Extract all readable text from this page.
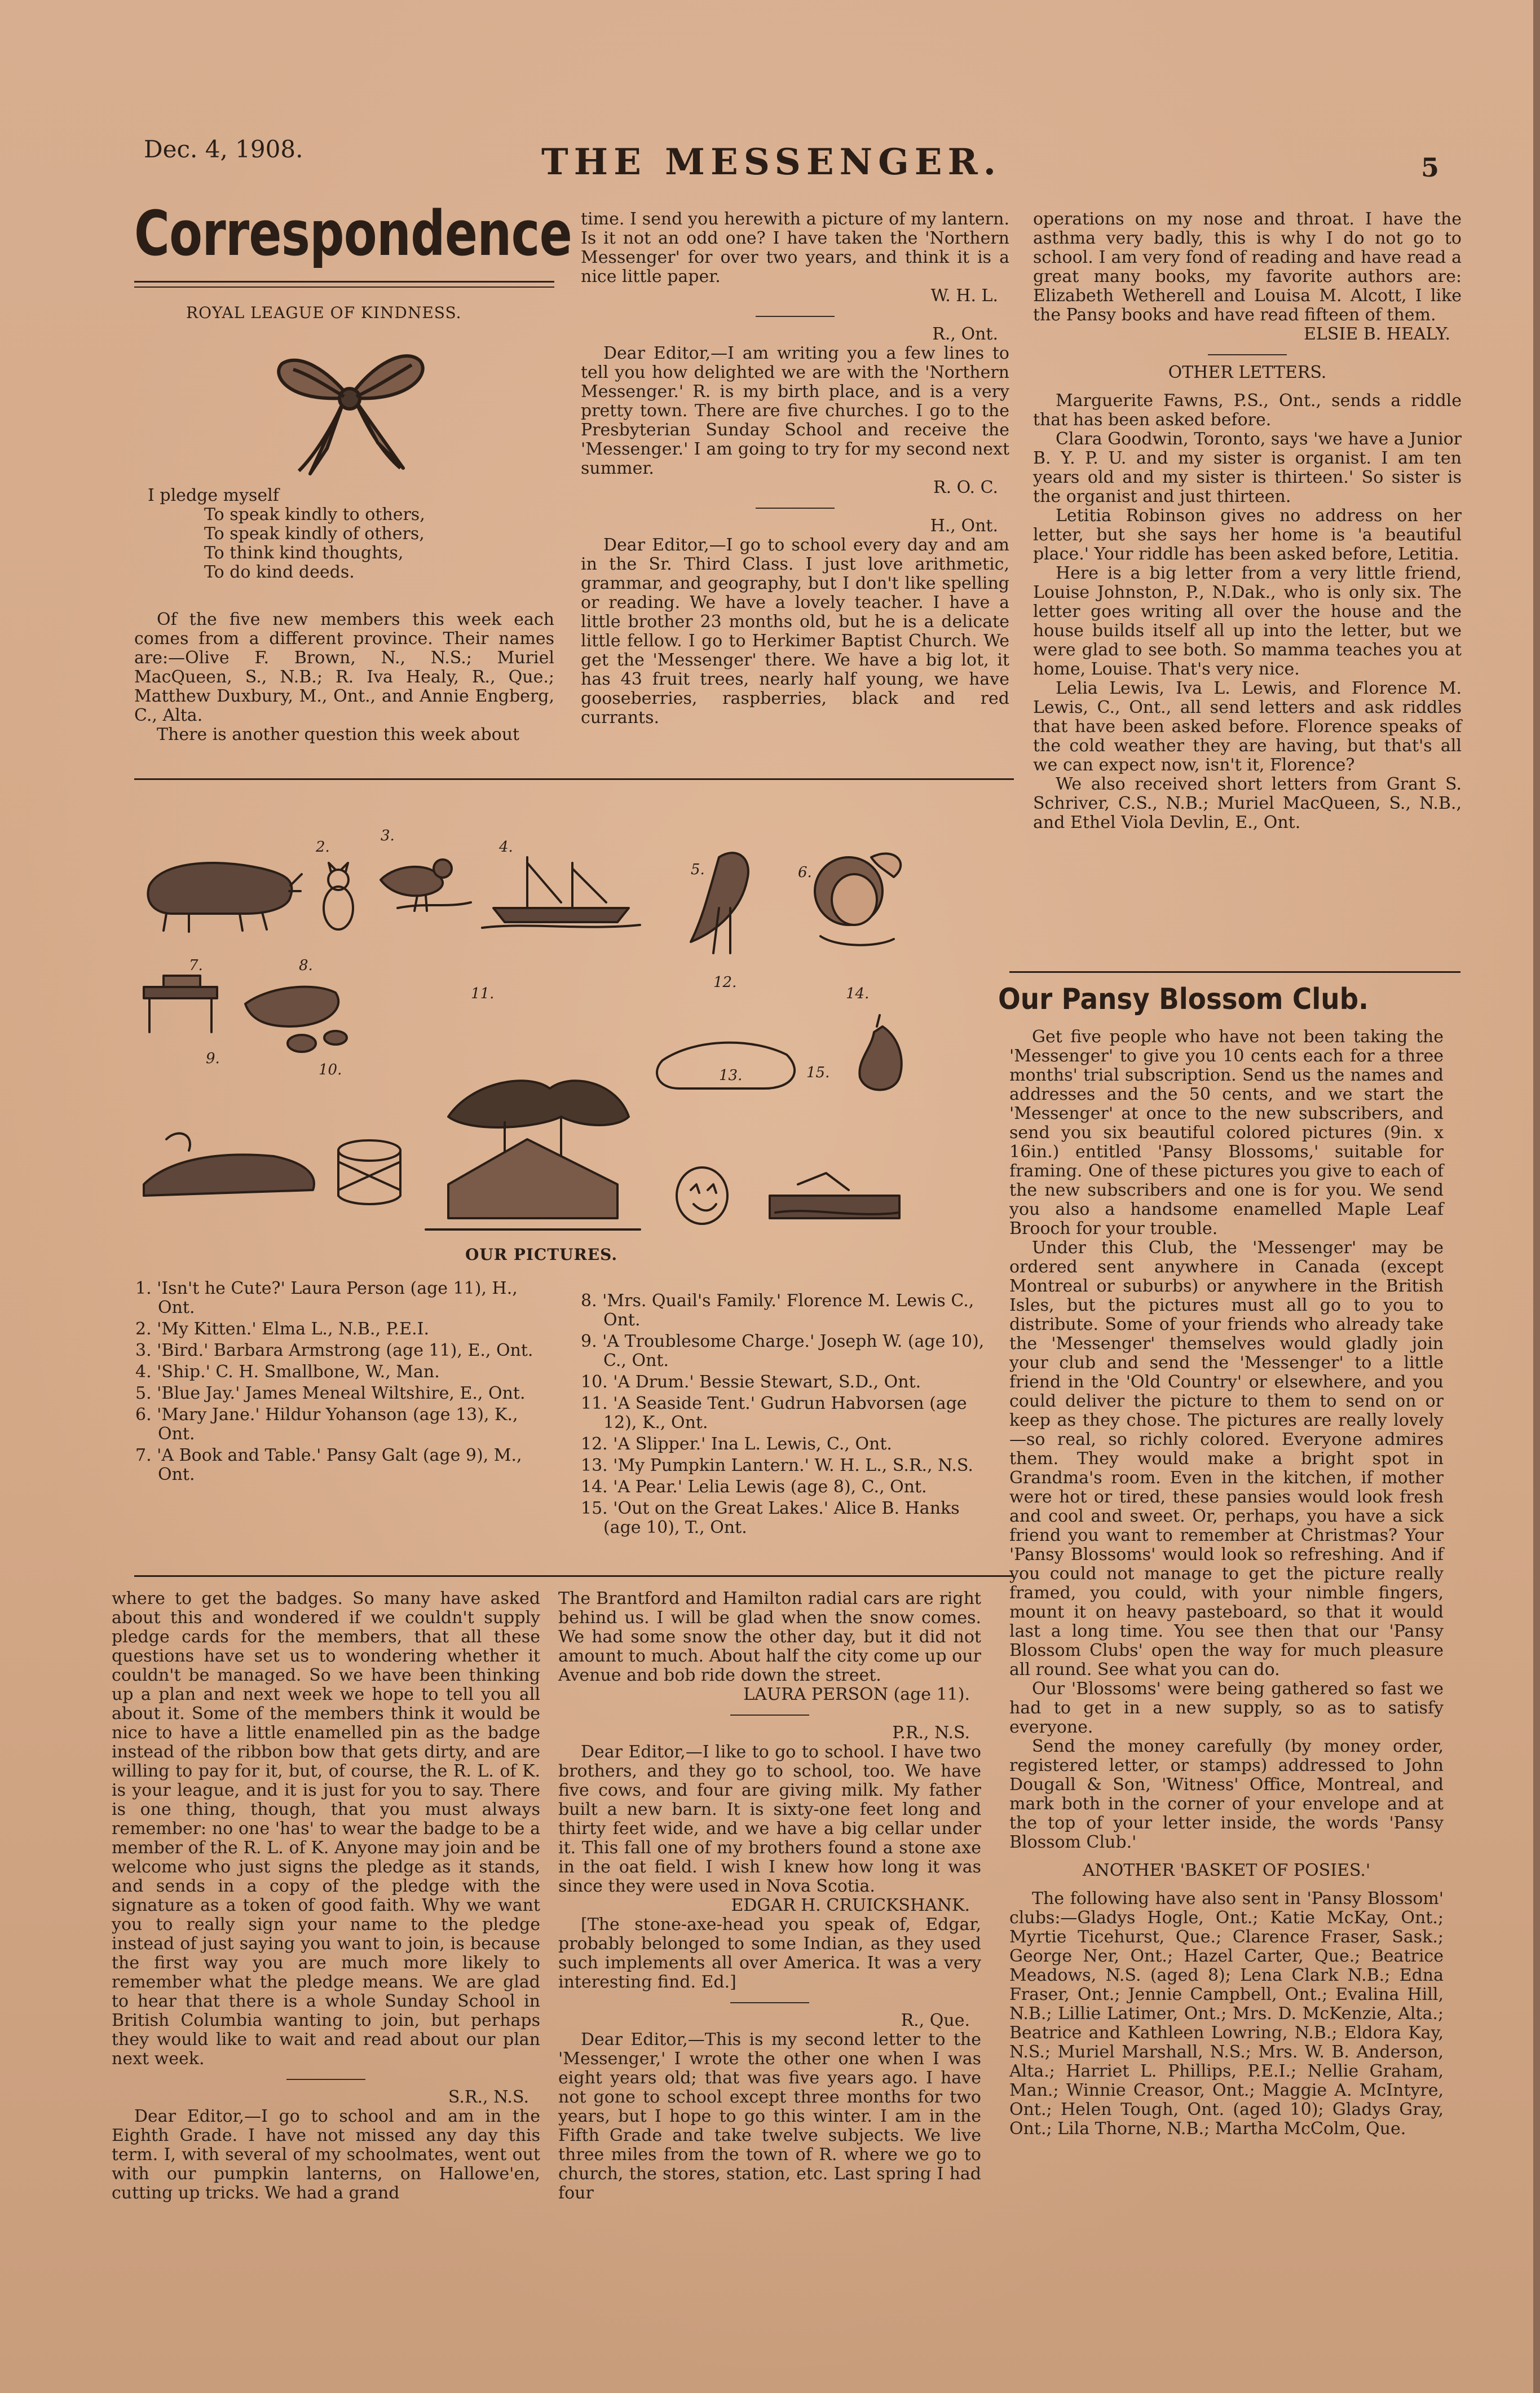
Dec. 4, 1908.	THE MESSENGER.	5
Correspondence
ROYAL LEAGUE OF KINDNESS.
I pledge myself
To speak kindly to others,
To speak kindly of others,
To think kind thoughts,
To do kind deeds.

Of the five new members this week each comes from a different province. Their names are:—Olive F. Brown, N., N.S.; Muriel MacQueen, S., N.B.; R. Iva Healy, R., Que.; Matthew Duxbury, M., Ont., and Annie Engberg, C., Alta.

There is another question this week about

time. I send you herewith a picture of my lantern. Is it not an odd one? I have taken the 'Northern Messenger' for over two years, and think it is a nice little paper.

W. H. L.

R., Ont.

Dear Editor,—I am writing you a few lines to tell you how delighted we are with the 'Northern Messenger.' R. is my birth place, and is a very pretty town. There are five churches. I go to the Presbyterian Sunday School and receive the 'Messenger.' I am going to try for my second next summer.

R. O. C.

H., Ont.

Dear Editor,—I go to school every day and am in the Sr. Third Class. I just love arithmetic, grammar, and geography, but I don't like spelling or reading. We have a lovely teacher. I have a little brother 23 months old, but he is a delicate little fellow. I go to Herkimer Baptist Church. We get the 'Messenger' there. We have a big lot, it has 43 fruit trees, nearly half young, we have gooseberries, raspberries, black and red currants.

operations on my nose and throat. I have the asthma very badly, this is why I do not go to school. I am very fond of reading and have read a great many books, my favorite authors are: Elizabeth Wetherell and Louisa M. Alcott, I like the Pansy books and have read fifteen of them.

ELSIE B. HEALY.

OTHER LETTERS.

Marguerite Fawns, P.S., Ont., sends a riddle that has been asked before.

Clara Goodwin, Toronto, says 'we have a Junior B. Y. P. U. and my sister is organist. I am ten years old and my sister is thirteen.' So sister is the organist and just thirteen.

Letitia Robinson gives no address on her letter, but she says her home is 'a beautiful place.' Your riddle has been asked before, Letitia.

Here is a big letter from a very little friend, Louise Johnston, P., N.Dak., who is only six. The letter goes writing all over the house and the house builds itself all up into the letter, but we were glad to see both. So mamma teaches you at home, Louise. That's very nice.

Lelia Lewis, Iva L. Lewis, and Florence M. Lewis, C., Ont., all send letters and ask riddles that have been asked before. Florence speaks of the cold weather they are having, but that's all we can expect now, isn't it, Florence?

We also received short letters from Grant S. Schriver, C.S., N.B.; Muriel MacQueen, S., N.B., and Ethel Viola Devlin, E., Ont.

2.
3.
4.
5.	6.
7.	8.
9.
10.
11.
12.
13.
14.
15.
OUR PICTURES.
1. 'Isn't he Cute?' Laura Person (age 11), H., Ont.
2. 'My Kitten.' Elma L., N.B., P.E.I.
3. 'Bird.' Barbara Armstrong (age 11), E., Ont.
4. 'Ship.' C. H. Smallbone, W., Man.
5. 'Blue Jay.' James Meneal Wiltshire, E., Ont.
6. 'Mary Jane.' Hildur Yohanson (age 13), K., Ont.
7. 'A Book and Table.' Pansy Galt (age 9), M., Ont.
8. 'Mrs. Quail's Family.' Florence M. Lewis C., Ont.
9. 'A Troublesome Charge.' Joseph W. (age 10), C., Ont.
10. 'A Drum.' Bessie Stewart, S.D., Ont.
11. 'A Seaside Tent.' Gudrun Habvorsen (age 12), K., Ont.
12. 'A Slipper.' Ina L. Lewis, C., Ont.
13. 'My Pumpkin Lantern.' W. H. L., S.R., N.S.
14. 'A Pear.' Lelia Lewis (age 8), C., Ont.
15. 'Out on the Great Lakes.' Alice B. Hanks (age 10), T., Ont.

where to get the badges. So many have asked about this and wondered if we couldn't supply pledge cards for the members, that all these questions have set us to wondering whether it couldn't be managed. So we have been thinking up a plan and next week we hope to tell you all about it. Some of the members think it would be nice to have a little enamelled pin as the badge instead of the ribbon bow that gets dirty, and are willing to pay for it, but, of course, the R. L. of K. is your league, and it is just for you to say. There is one thing, though, that you must always remember: no one 'has' to wear the badge to be a member of the R. L. of K. Anyone may join and be welcome who just signs the pledge as it stands, and sends in a copy of the pledge with the signature as a token of good faith. Why we want you to really sign your name to the pledge instead of just saying you want to join, is because the first way you are much more likely to remember what the pledge means. We are glad to hear that there is a whole Sunday School in British Columbia wanting to join, but perhaps they would like to wait and read about our plan next week.

S.R., N.S.

Dear Editor,—I go to school and am in the Eighth Grade. I have not missed any day this term. I, with several of my schoolmates, went out with our pumpkin lanterns, on Hallowe'en, cutting up tricks. We had a grand

The Brantford and Hamilton radial cars are right behind us. I will be glad when the snow comes. We had some snow the other day, but it did not amount to much. About half the city come up our Avenue and bob ride down the street.

LAURA PERSON (age 11).

P.R., N.S.

Dear Editor,—I like to go to school. I have two brothers, and they go to school, too. We have five cows, and four are giving milk. My father built a new barn. It is sixty-one feet long and thirty feet wide, and we have a big cellar under it. This fall one of my brothers found a stone axe in the oat field. I wish I knew how long it was since they were used in Nova Scotia.

EDGAR H. CRUICKSHANK.

[The stone-axe-head you speak of, Edgar, probably belonged to some Indian, as they used such implements all over America. It was a very interesting find. Ed.]

R., Que.

Dear Editor,—This is my second letter to the 'Messenger,' I wrote the other one when I was eight years old; that was five years ago. I have not gone to school except three months for two years, but I hope to go this winter. I am in the Fifth Grade and take twelve subjects. We live three miles from the town of R. where we go to church, the stores, station, etc. Last spring I had four

Our Pansy Blossom Club.

Get five people who have not been taking the 'Messenger' to give you 10 cents each for a three months' trial subscription. Send us the names and addresses and the 50 cents, and we start the 'Messenger' at once to the new subscribers, and send you six beautiful colored pictures (9in. x 16in.) entitled 'Pansy Blossoms,' suitable for framing. One of these pictures you give to each of the new subscribers and one is for you. We send you also a handsome enamelled Maple Leaf Brooch for your trouble.

Under this Club, the 'Messenger' may be ordered sent anywhere in Canada (except Montreal or suburbs) or anywhere in the British Isles, but the pictures must all go to you to distribute. Some of your friends who already take the 'Messenger' themselves would gladly join your club and send the 'Messenger' to a little friend in the 'Old Country' or elsewhere, and you could deliver the picture to them to send on or keep as they chose. The pictures are really lovely—so real, so richly colored. Everyone admires them. They would make a bright spot in Grandma's room. Even in the kitchen, if mother were hot or tired, these pansies would look fresh and cool and sweet. Or, perhaps, you have a sick friend you want to remember at Christmas? Your 'Pansy Blossoms' would look so refreshing. And if you could not manage to get the picture really framed, you could, with your nimble fingers, mount it on heavy pasteboard, so that it would last a long time. You see then that our 'Pansy Blossom Clubs' open the way for much pleasure all round. See what you can do.

Our 'Blossoms' were being gathered so fast we had to get in a new supply, so as to satisfy everyone.

Send the money carefully (by money order, registered letter, or stamps) addressed to John Dougall & Son, 'Witness' Office, Montreal, and mark both in the corner of your envelope and at the top of your letter inside, the words 'Pansy Blossom Club.'

ANOTHER 'BASKET OF POSIES.'

The following have also sent in 'Pansy Blossom' clubs:—Gladys Hogle, Ont.; Katie McKay, Ont.; Myrtie Ticehurst, Que.; Clarence Fraser, Sask.; George Ner, Ont.; Hazel Carter, Que.; Beatrice Meadows, N.S. (aged 8); Lena Clark N.B.; Edna Fraser, Ont.; Jennie Campbell, Ont.; Evalina Hill, N.B.; Lillie Latimer, Ont.; Mrs. D. McKenzie, Alta.; Beatrice and Kathleen Lowring, N.B.; Eldora Kay, N.S.; Muriel Marshall, N.S.; Mrs. W. B. Anderson, Alta.; Harriet L. Phillips, P.E.I.; Nellie Graham, Man.; Winnie Creasor, Ont.; Maggie A. McIntyre, Ont.; Helen Tough, Ont. (aged 10); Gladys Gray, Ont.; Lila Thorne, N.B.; Martha McColm, Que.
